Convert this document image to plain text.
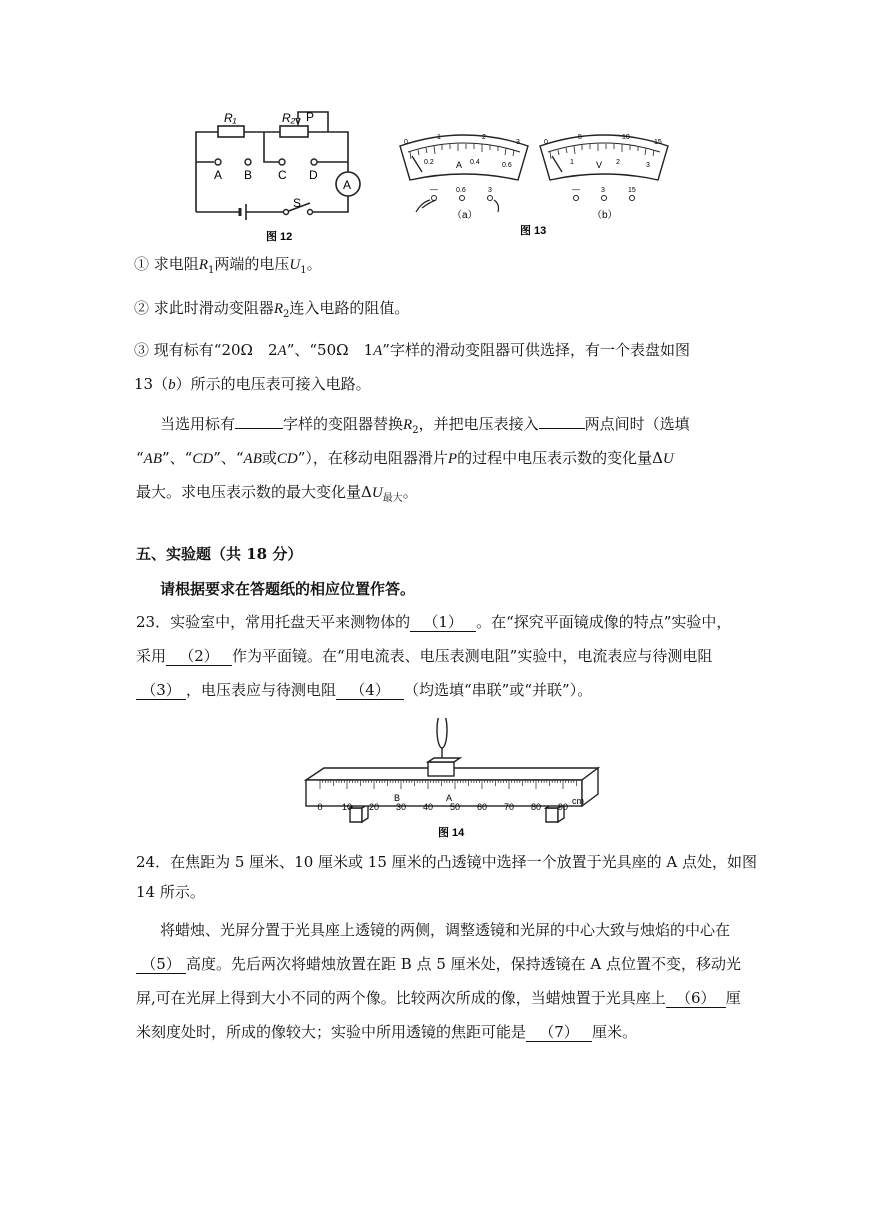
R₁	R₂ P
A B C D
A
S
图 12
0
1	2
3
0.2	0.4	0.6
A
—	0.6	3
（a）
0
5	10
15
1	2	3
V
—	3	15
（b）
图 13
① 求电阻$R_1$两端的电压$U_1$。
② 求此时滑动变阻器$R_2$连入电路的阻值。
③ 现有标有“20Ω　2A”、“50Ω　1A”字样的滑动变阻器可供选择，有一个表盘如图
13（b）所示的电压表可接入电路。
当选用标有	字样的变阻器替换$R_2$，并把电压表接入	两点间时（选填
“AB”、“CD”、“AB或CD”），在移动电阻器滑片P的过程中电压表示数的变化量ΔU
最大。求电压表示数的最大变化量$\Delta U_{最大}$。
五、实验题（共 18 分）
请根据要求在答题纸的相应位置作答。
23．实验室中，常用托盘天平来测物体的 （1） 。在“探究平面镜成像的特点”实验中，
采用 （2） 作为平面镜。在“用电流表、电压表测电阻”实验中，电流表应与待测电阻
（3） ，电压表应与待测电阻 （4） （均选填“串联”或“并联”）。
0 10 20 30 40 50 60 70 80 90
cm
B	A
图 14
24．在焦距为 5 厘米、10 厘米或 15 厘米的凸透镜中选择一个放置于光具座的 A 点处，如图
14 所示。
将蜡烛、光屏分置于光具座上透镜的两侧，调整透镜和光屏的中心大致与烛焰的中心在
（5） 高度。先后两次将蜡烛放置在距 B 点 5 厘米处，保持透镜在 A 点位置不变，移动光
屏,可在光屏上得到大小不同的两个像。比较两次所成的像，当蜡烛置于光具座上 （6） 厘
米刻度处时，所成的像较大；实验中所用透镜的焦距可能是 （7） 厘米。
